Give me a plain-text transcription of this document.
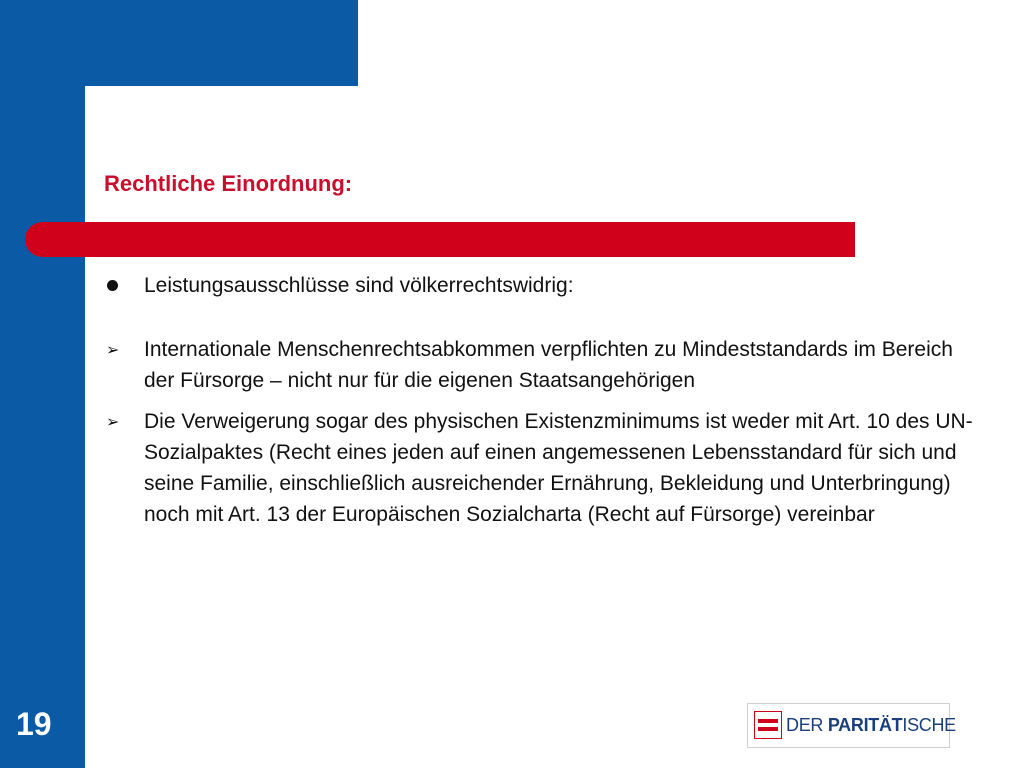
Rechtliche Einordnung:
Leistungsausschlüsse sind völkerrechtswidrig:
➢ Internationale Menschenrechtsabkommen verpflichten zu Mindeststandards im Bereich der Fürsorge – nicht nur für die eigenen Staatsangehörigen
➢ Die Verweigerung sogar des physischen Existenzminimums ist weder mit Art. 10 des UN-Sozialpaktes (Recht eines jeden auf einen angemessenen Lebensstandard für sich und seine Familie, einschließlich ausreichender Ernährung, Bekleidung und Unterbringung) noch mit Art. 13 der Europäischen Sozialcharta (Recht auf Fürsorge) vereinbar
19	DER PARITÄTISCHE
